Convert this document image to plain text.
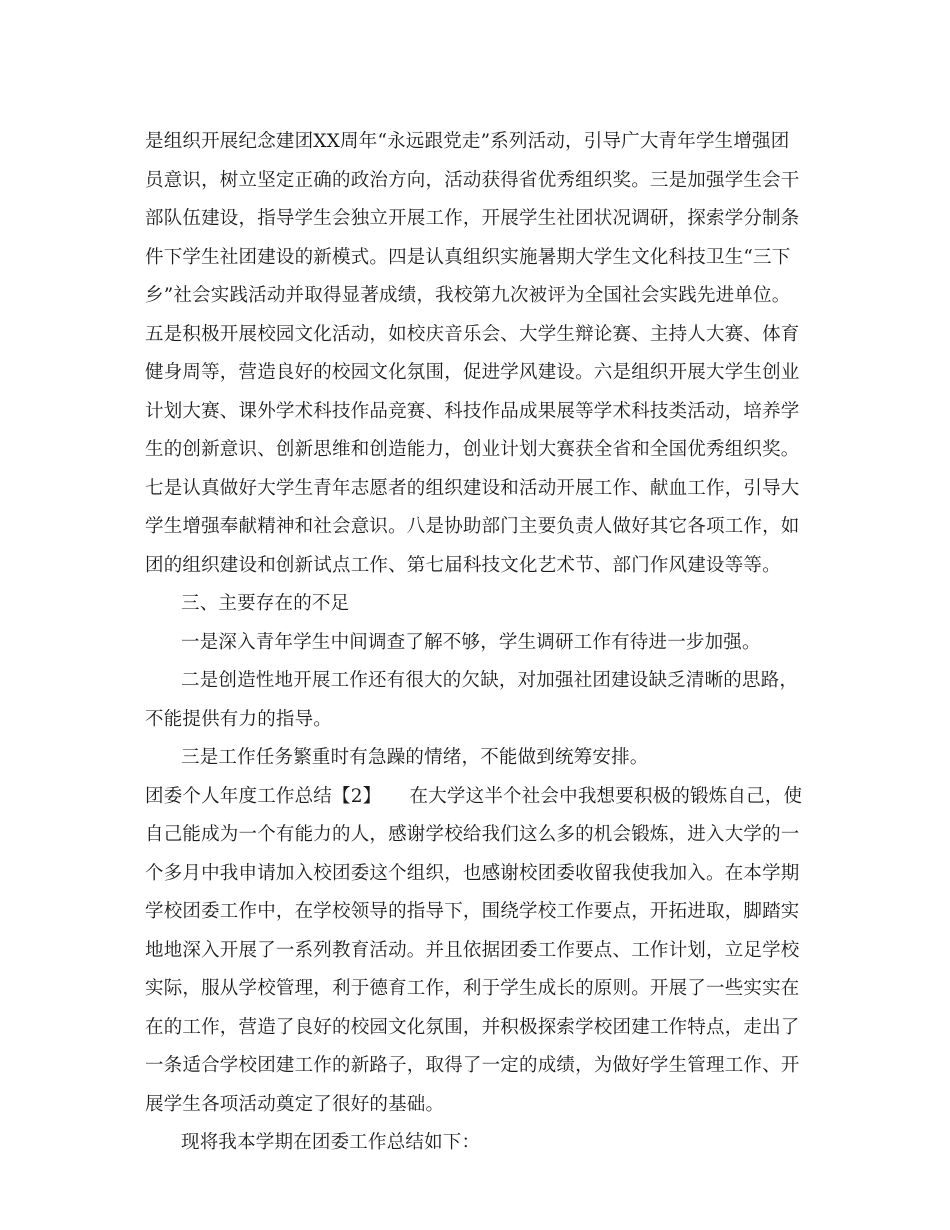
是组织开展纪念建团XX周年“永远跟党走”系列活动，引导广大青年学生增强团
员意识，树立坚定正确的政治方向，活动获得省优秀组织奖。三是加强学生会干
部队伍建设，指导学生会独立开展工作，开展学生社团状况调研，探索学分制条
件下学生社团建设的新模式。四是认真组织实施暑期大学生文化科技卫生“三下
乡”社会实践活动并取得显著成绩，我校第九次被评为全国社会实践先进单位。
五是积极开展校园文化活动，如校庆音乐会、大学生辩论赛、主持人大赛、体育
健身周等，营造良好的校园文化氛围，促进学风建设。六是组织开展大学生创业
计划大赛、课外学术科技作品竞赛、科技作品成果展等学术科技类活动，培养学
生的创新意识、创新思维和创造能力，创业计划大赛获全省和全国优秀组织奖。
七是认真做好大学生青年志愿者的组织建设和活动开展工作、献血工作，引导大
学生增强奉献精神和社会意识。八是协助部门主要负责人做好其它各项工作，如
团的组织建设和创新试点工作、第七届科技文化艺术节、部门作风建设等等。
三、主要存在的不足
一是深入青年学生中间调查了解不够，学生调研工作有待进一步加强。
二是创造性地开展工作还有很大的欠缺，对加强社团建设缺乏清晰的思路，
不能提供有力的指导。
三是工作任务繁重时有急躁的情绪，不能做到统筹安排。
团委个人年度工作总结【2】　　在大学这半个社会中我想要积极的锻炼自己，使
自己能成为一个有能力的人，感谢学校给我们这么多的机会锻炼，进入大学的一
个多月中我申请加入校团委这个组织，也感谢校团委收留我使我加入。在本学期
学校团委工作中，在学校领导的指导下，围绕学校工作要点，开拓进取，脚踏实
地地深入开展了一系列教育活动。并且依据团委工作要点、工作计划，立足学校
实际，服从学校管理，利于德育工作，利于学生成长的原则。开展了一些实实在
在的工作，营造了良好的校园文化氛围，并积极探索学校团建工作特点，走出了
一条适合学校团建工作的新路子，取得了一定的成绩，为做好学生管理工作、开
展学生各项活动奠定了很好的基础。
现将我本学期在团委工作总结如下：
